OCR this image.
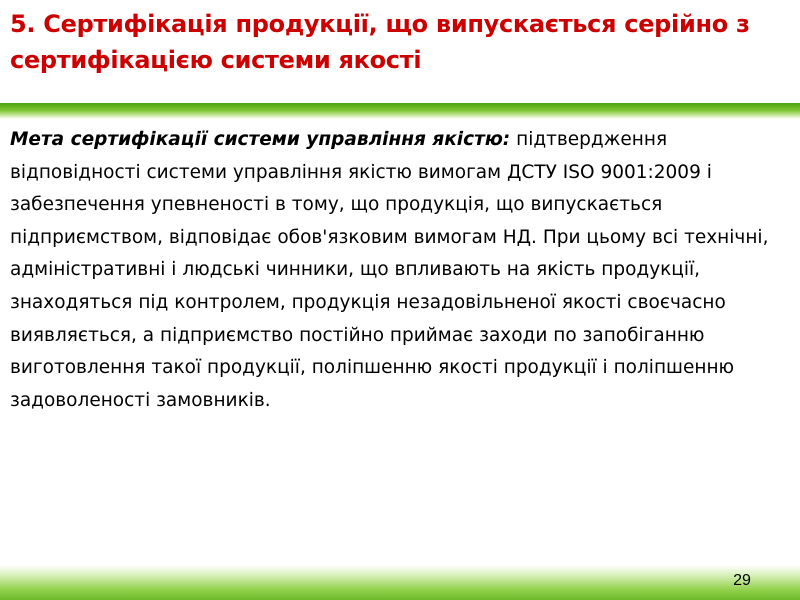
5. Сертифікація продукції, що випускається серійно з сертифікацією системи якості

Мета сертифікації системи управління якістю: підтвердження відповідності системи управління якістю вимогам ДСТУ ISO 9001:2009 і забезпечення упевненості в тому, що продукція, що випускається підприємством, відповідає обов'язковим вимогам НД. При цьому всі технічні, адміністративні і людські чинники, що впливають на якість продукції, знаходяться під контролем, продукція незадовільненої якості своєчасно виявляється, а підприємство постійно приймає заходи по запобіганню виготовлення такої продукції, поліпшенню якості продукції і поліпшенню задоволеності замовників.

29
